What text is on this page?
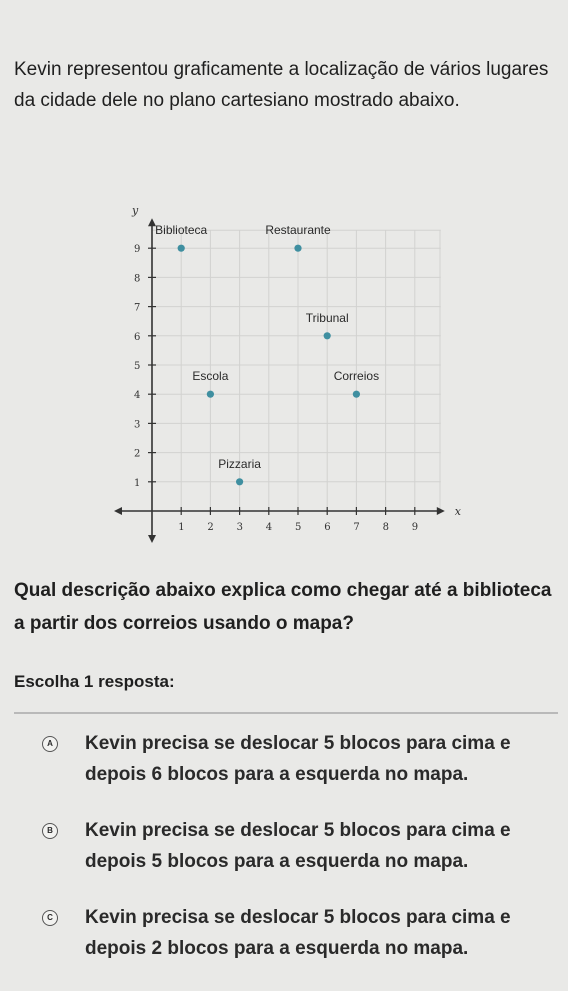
Kevin representou graficamente a localização de vários lugares da cidade dele no plano cartesiano mostrado abaixo.

x
y
1 2 3 4 5 6 7 8 9
1
2
3
4
5
6
7
8
9
Biblioteca	Restaurante
Tribunal
Escola	Correios
Pizzaria

Qual descrição abaixo explica como chegar até a biblioteca a partir dos correios usando o mapa?

Escolha 1 resposta:

A Kevin precisa se deslocar 5 blocos para cima e depois 6 blocos para a esquerda no mapa.
B Kevin precisa se deslocar 5 blocos para cima e depois 5 blocos para a esquerda no mapa.
C Kevin precisa se deslocar 5 blocos para cima e depois 2 blocos para a esquerda no mapa.
